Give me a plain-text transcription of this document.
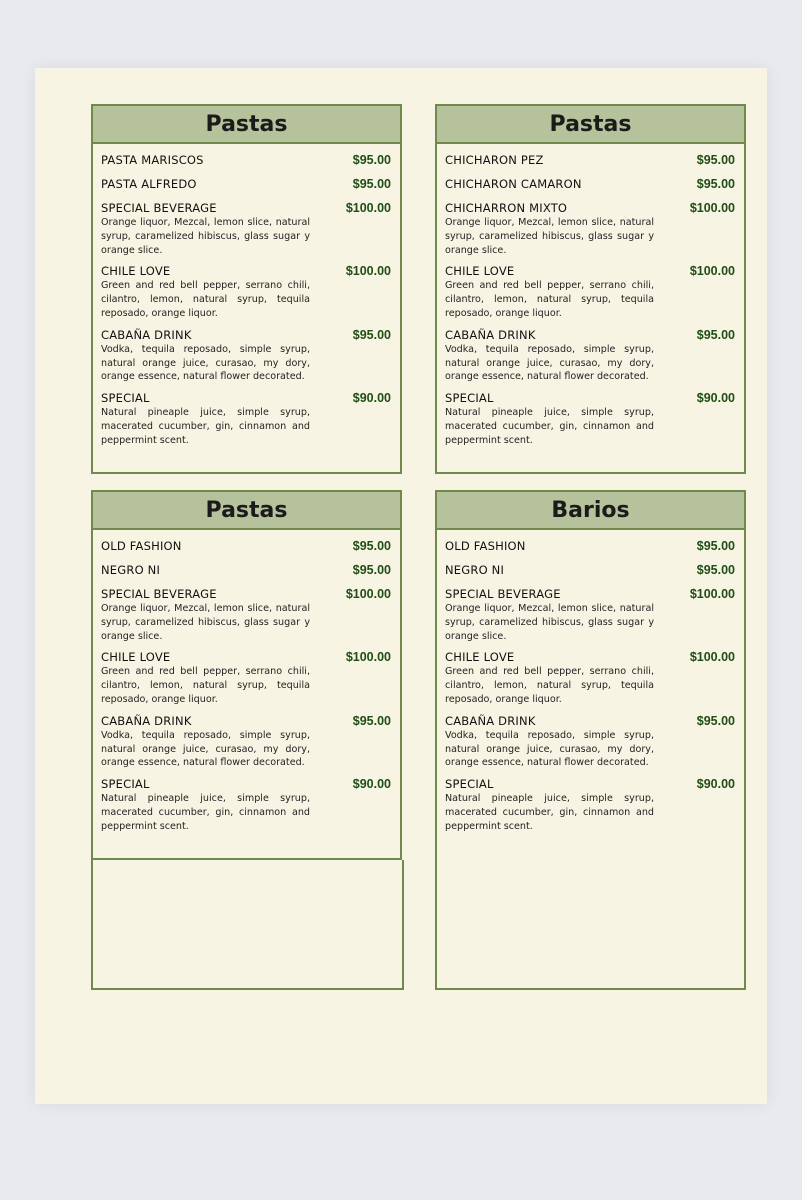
Pastas
PASTA MARISCOS	$95.00
PASTA ALFREDO	$95.00
SPECIAL BEVERAGE	$100.00
Orange liquor, Mezcal, lemon slice, natural syrup, caramelized hibiscus, glass sugar y orange slice.
CHILE LOVE	$100.00
Green and red bell pepper, serrano chili, cilantro, lemon, natural syrup, tequila reposado, orange liquor.
CABAÑA DRINK	$95.00
Vodka, tequila reposado, simple syrup, natural orange juice, curasao, my dory, orange essence, natural flower decorated.
SPECIAL	$90.00
Natural pineaple juice, simple syrup, macerated cucumber, gin, cinnamon and peppermint scent.
Pastas
CHICHARON PEZ	$95.00
CHICHARON CAMARON	$95.00
CHICHARRON MIXTO	$100.00
Orange liquor, Mezcal, lemon slice, natural syrup, caramelized hibiscus, glass sugar y orange slice.
CHILE LOVE	$100.00
Green and red bell pepper, serrano chili, cilantro, lemon, natural syrup, tequila reposado, orange liquor.
CABAÑA DRINK	$95.00
Vodka, tequila reposado, simple syrup, natural orange juice, curasao, my dory, orange essence, natural flower decorated.
SPECIAL	$90.00
Natural pineaple juice, simple syrup, macerated cucumber, gin, cinnamon and peppermint scent.
Pastas
OLD FASHION	$95.00
NEGRO NI	$95.00
SPECIAL BEVERAGE	$100.00
Orange liquor, Mezcal, lemon slice, natural syrup, caramelized hibiscus, glass sugar y orange slice.
CHILE LOVE	$100.00
Green and red bell pepper, serrano chili, cilantro, lemon, natural syrup, tequila reposado, orange liquor.
CABAÑA DRINK	$95.00
Vodka, tequila reposado, simple syrup, natural orange juice, curasao, my dory, orange essence, natural flower decorated.
SPECIAL	$90.00
Natural pineaple juice, simple syrup, macerated cucumber, gin, cinnamon and peppermint scent.
Barios
OLD FASHION	$95.00
NEGRO NI	$95.00
SPECIAL BEVERAGE	$100.00
Orange liquor, Mezcal, lemon slice, natural syrup, caramelized hibiscus, glass sugar y orange slice.
CHILE LOVE	$100.00
Green and red bell pepper, serrano chili, cilantro, lemon, natural syrup, tequila reposado, orange liquor.
CABAÑA DRINK	$95.00
Vodka, tequila reposado, simple syrup, natural orange juice, curasao, my dory, orange essence, natural flower decorated.
SPECIAL	$90.00
Natural pineaple juice, simple syrup, macerated cucumber, gin, cinnamon and peppermint scent.
